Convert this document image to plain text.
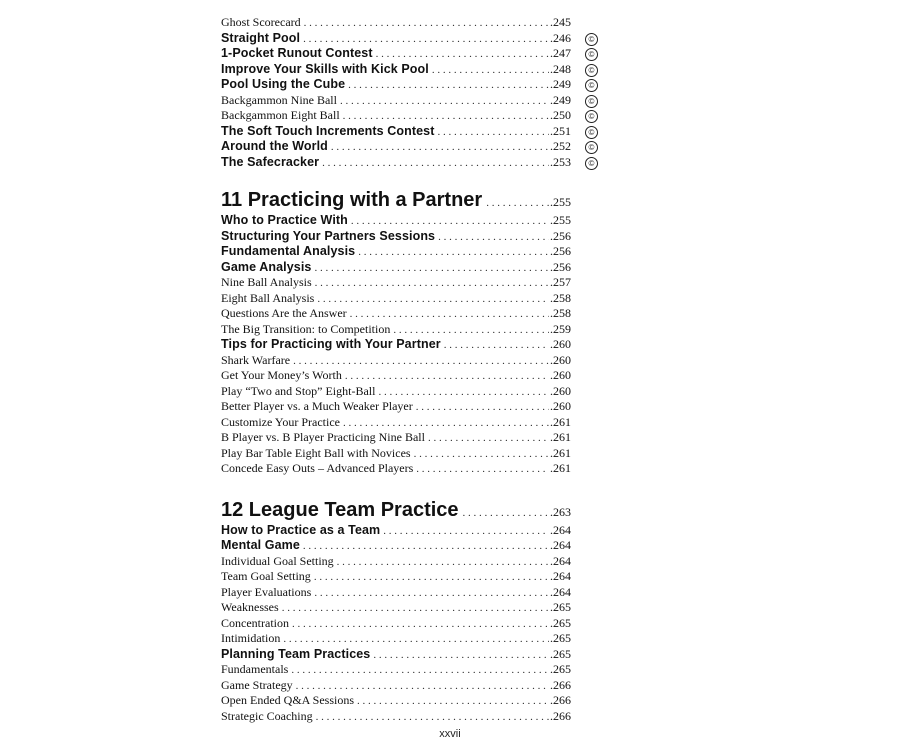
Ghost Scorecard . . .	.245
Straight Pool . . .	.246	©
1-Pocket Runout Contest . . .	.247	©
Improve Your Skills with Kick Pool . . .	.248	©
Pool Using the Cube . . .	.249	©
Backgammon Nine Ball . . .	.249	©
Backgammon Eight Ball . . .	.250	©
The Soft Touch Increments Contest . . .	.251	©
Around the World . . .	.252	©
The Safecracker . . .	.253	©
11 Practicing with a Partner . . .	.255
Who to Practice With . . .	.255
Structuring Your Partners Sessions . . .	.256
Fundamental Analysis . . .	.256
Game Analysis . . .	.256
Nine Ball Analysis . . .	.257
Eight Ball Analysis . . .	.258
Questions Are the Answer . . .	.258
The Big Transition: to Competition . . .	.259
Tips for Practicing with Your Partner . . .	.260
Shark Warfare . . .	.260
Get Your Money’s Worth . . .	.260
Play “Two and Stop” Eight-Ball . . .	.260
Better Player vs. a Much Weaker Player . . .	.260
Customize Your Practice . . .	.261
B Player vs. B Player Practicing Nine Ball . . .	.261
Play Bar Table Eight Ball with Novices . . .	.261
Concede Easy Outs – Advanced Players . . .	.261
12 League Team Practice . . .	.263
How to Practice as a Team . . .	.264
Mental Game . . .	.264
Individual Goal Setting . . .	.264
Team Goal Setting . . .	.264
Player Evaluations . . .	.264
Weaknesses . . .	.265
Concentration . . .	.265
Intimidation . . .	.265
Planning Team Practices . . .	.265
Fundamentals . . .	.265
Game Strategy . . .	.266
Open Ended Q&A Sessions . . .	.266
Strategic Coaching . . .	.266
xxvii
